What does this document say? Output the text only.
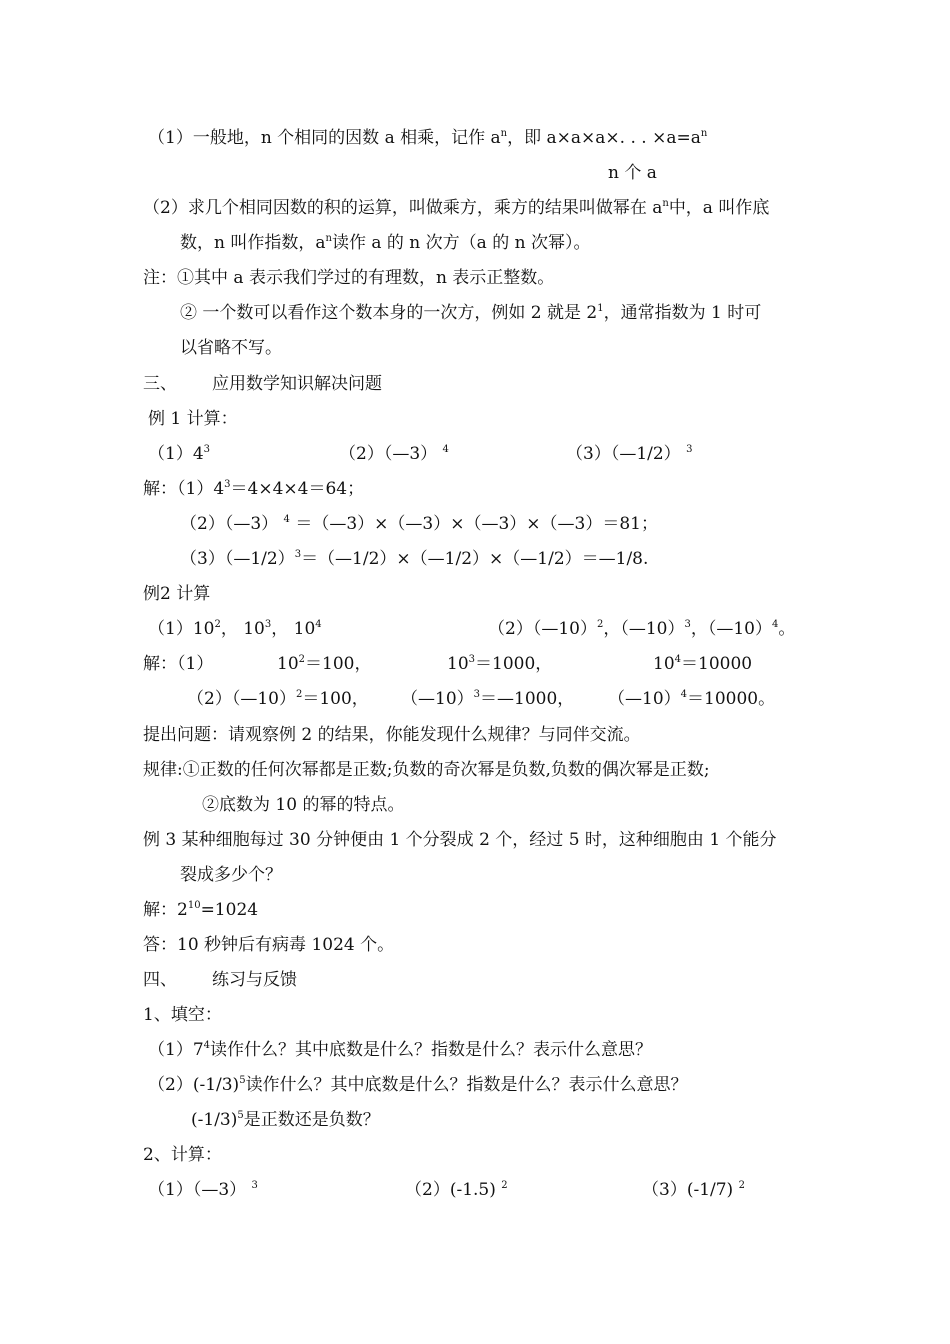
（1）一般地，n 个相同的因数 a 相乘，记作 $a^n$，即 a×a×a×. . . $\times a=a^n$
n 个 a
（2）求几个相同因数的积的运算，叫做乘方，乘方的结果叫做幂在 $a^n$中，a 叫作底
数，n 叫作指数，$a^n$读作 a 的 n 次方（a 的 n 次幂）。
注：①其中 a 表示我们学过的有理数，n 表示正整数。
② 一个数可以看作这个数本身的一次方，例如 2 就是 $2^1$，通常指数为 1 时可
以省略不写。
三、 应用数学知识解决问题
例 1 计算：
$(1)4^3$	（2）（—3） $^4$	（3）（—1/2） $^3$
解：$(1)4^3=4\times 4\times 4=64$；
（2）（—3） $^4$ ＝（—3）×（—3）×（—3）×（—3）＝81；
（3）（—1/2）$^3$＝（—1/2）×（—1/2）×（—1/2）＝—1/8.
例2 计算
$(1)10^2$， $10^3$， $10^4$	（2）（—10）$^2$，（—10）$^3$，（—10）$^4$。
解：（1）	$10^2=100$，	$10^3=1000$，	$10^4=10000$
（2）（—10）$^2$＝100， （—10）$^3$＝—1000， （—10）$^4$＝10000。
提出问题：请观察例 2 的结果，你能发现什么规律？与同伴交流。
规律:①正数的任何次幂都是正数;负数的奇次幂是负数,负数的偶次幂是正数;
②底数为 10 的幂的特点。
例 3 某种细胞每过 30 分钟便由 1 个分裂成 2 个，经过 5 时，这种细胞由 1 个能分
裂成多少个？
解：$2^{10}=1024$
答：10 秒钟后有病毒 1024 个。
四、 练习与反馈
1、填空：
$(1)7^4$读作什么？其中底数是什么？指数是什么？表示什么意思？
$(2)(-1/3)^5$读作什么？其中底数是什么？指数是什么？表示什么意思？
$(-1/3)^5$是正数还是负数？
2、计算：
（1）（—3） $^3$	（2）(-1.5) $^2$	（3）(-1/7) $^2$
